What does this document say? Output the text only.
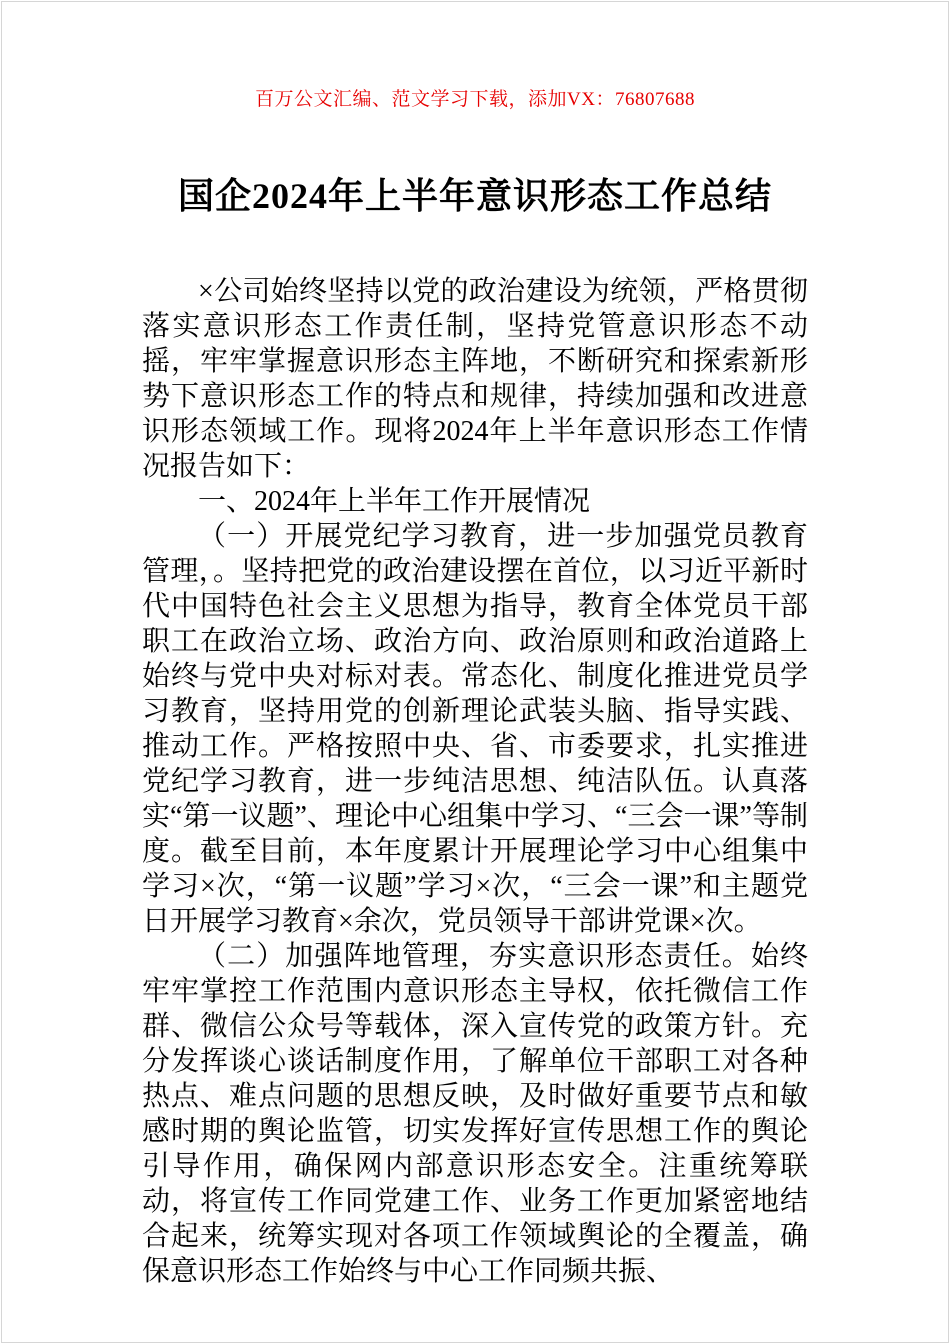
百万公文汇编、范文学习下载，添加VX：76807688
国企2024年上半年意识形态工作总结

×公司始终坚持以党的政治建设为统领，严格贯彻落实意识形态工作责任制，坚持党管意识形态不动摇，牢牢掌握意识形态主阵地，不断研究和探索新形势下意识形态工作的特点和规律，持续加强和改进意识形态领域工作。现将2024年上半年意识形态工作情况报告如下：

一、2024年上半年工作开展情况

（一）开展党纪学习教育，进一步加强党员教育管理，。坚持把党的政治建设摆在首位，以习近平新时代中国特色社会主义思想为指导，教育全体党员干部职工在政治立场、政治方向、政治原则和政治道路上始终与党中央对标对表。常态化、制度化推进党员学习教育，坚持用党的创新理论武装头脑、指导实践、推动工作。严格按照中央、省、市委要求，扎实推进党纪学习教育，进一步纯洁思想、纯洁队伍。认真落实“第一议题”、理论中心组集中学习、“三会一课”等制度。截至目前，本年度累计开展理论学习中心组集中学习×次，“第一议题”学习×次，“三会一课”和主题党日开展学习教育×余次，党员领导干部讲党课×次。

（二）加强阵地管理，夯实意识形态责任。始终牢牢掌控工作范围内意识形态主导权，依托微信工作群、微信公众号等载体，深入宣传党的政策方针。充分发挥谈心谈话制度作用，了解单位干部职工对各种热点、难点问题的思想反映，及时做好重要节点和敏感时期的舆论监管，切实发挥好宣传思想工作的舆论引导作用，确保网内部意识形态安全。注重统筹联动，将宣传工作同党建工作、业务工作更加紧密地结合起来，统筹实现对各项工作领域舆论的全覆盖，确保意识形态工作始终与中心工作同频共振、
